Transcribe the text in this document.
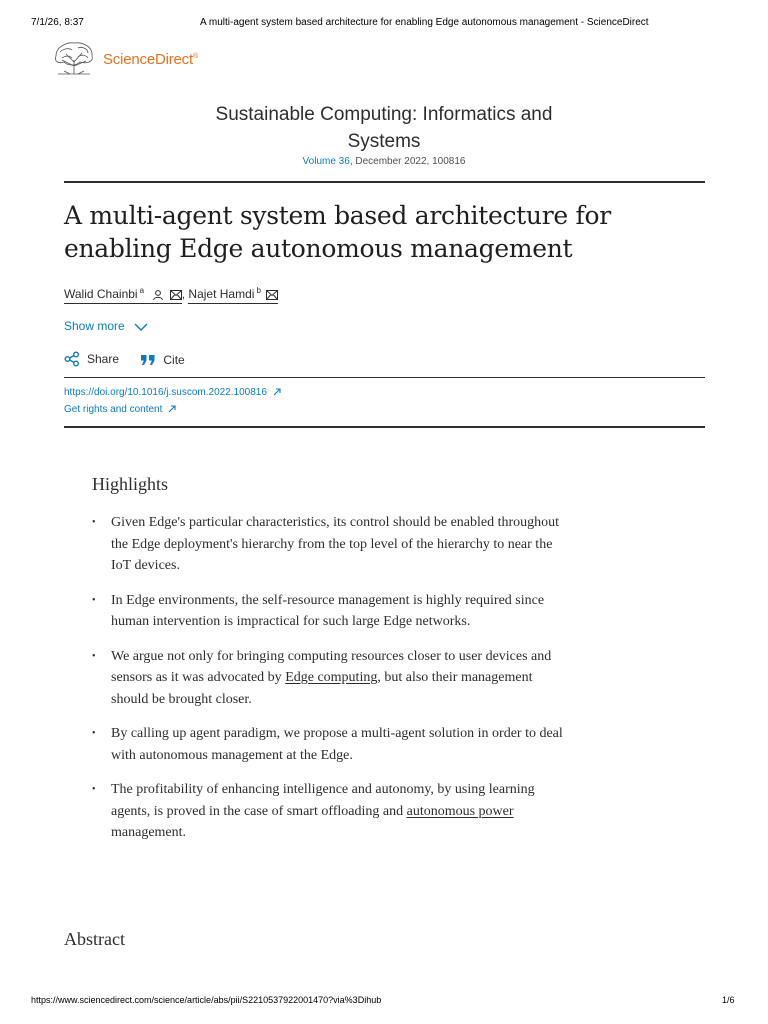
7/1/26, 8:37	A multi-agent system based architecture for enabling Edge autonomous management - ScienceDirect
ScienceDirect®
Sustainable Computing: Informatics and
Systems
Volume 36, December 2022, 100816
A multi-agent system based architecture for
enabling Edge autonomous management
Walid Chainbi $^a$	, Najet Hamdi $^b$
Show more
Share
	Cite
https://doi.org/10.1016/j.suscom.2022.100816
Get rights and content
Highlights
• Given Edge's particular characteristics, its control should be enabled throughout the Edge deployment's hierarchy from the top level of the hierarchy to near the IoT devices.
• In Edge environments, the self-resource management is highly required since human intervention is impractical for such large Edge networks.
• We argue not only for bringing computing resources closer to user devices and sensors as it was advocated by Edge computing, but also their management should be brought closer.
• By calling up agent paradigm, we propose a multi-agent solution in order to deal with autonomous management at the Edge.
• The profitability of enhancing intelligence and autonomy, by using learning agents, is proved in the case of smart offloading and autonomous power management.
Abstract
https://www.sciencedirect.com/science/article/abs/pii/S2210537922001470?via%3Dihub	1/6
